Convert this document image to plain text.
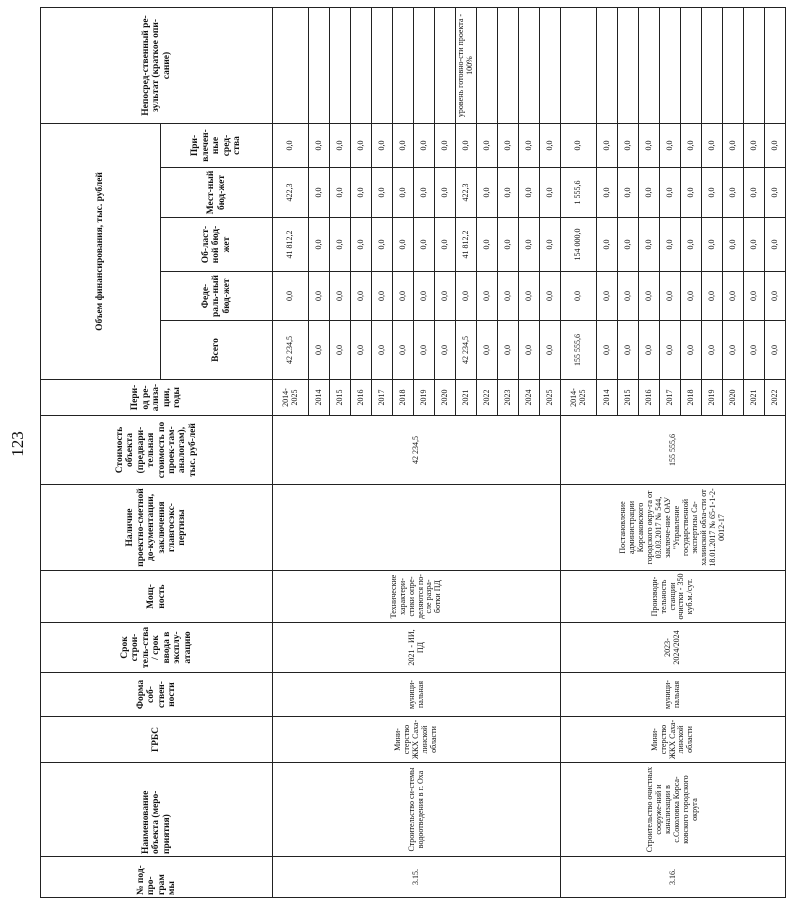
123
№ под-про-грам мы	Наименование объекта (меро-приятия)	ГРБС	Форма соб-ствен-ности	Срок строи-тель-ства / срок ввода в эксплу-атацию	Мощ-ность	Наличие проектно-сметной до-кументации, заключения главгосэкс-пертизы	Стоимость объекта (предвари-тельная стоимость по проек-там-аналогам), тыс. руб-лей	Пери-од ре-ализа-ции, годы	Объем финансирования, тыс. рублей					Непосред-ственный ре-зультат (краткое опи-сание)
									Всего	Феде-раль-ный бюд-жет	Об-ласт-ной бюд-жет	Мест-ный бюд-жет	При-влечен-ные сред-ства	
3.15.	Строительство си-стемы водоотведения в г. Оха	Мини-стерство ЖКХ Саха-линской области	муници-пальная	2021 - ИИ, ПД	Технические характери-стики опре-деляются по-сле разра-ботки ПД		42 234,5	2014-2025	42 234,5	0,0	41 812,2	422,3	0,0	
								2014	0,0	0,0	0,0	0,0	0,0	
								2015	0,0	0,0	0,0	0,0	0,0	
								2016	0,0	0,0	0,0	0,0	0,0	
								2017	0,0	0,0	0,0	0,0	0,0	
								2018	0,0	0,0	0,0	0,0	0,0	
								2019	0,0	0,0	0,0	0,0	0,0	
								2020	0,0	0,0	0,0	0,0	0,0	
								2021	42 234,5	0,0	41 812,2	422,3	0,0	уровень готовно-сти проекта - 100%
								2022	0,0	0,0	0,0	0,0	0,0	
								2023	0,0	0,0	0,0	0,0	0,0	
								2024	0,0	0,0	0,0	0,0	0,0	
								2025	0,0	0,0	0,0	0,0	0,0	
3.16.	Строительство очистных сооруже-ний и канализации в с.Соколовка Корса-ковского городского округа	Мини-стерство ЖКХ Саха-линской области	муници-пальная	2023-2024/2024	Производи-тельность станции очистки - 350 куб.м./сут.	Постановление администрации Корсаковского городского окру-га от 03.03.2017 № 544, заключе-ние ОАУ "Управление государственной экспертизы Са-халинской обла-сти от 18.01.2017 № 65-1-1-2-0012-17	155 555,6	2014-2025	155 555,6	0,0	154 000,0	1 555,6	0,0	
								2014	0,0	0,0	0,0	0,0	0,0	
								2015	0,0	0,0	0,0	0,0	0,0	
								2016	0,0	0,0	0,0	0,0	0,0	
								2017	0,0	0,0	0,0	0,0	0,0	
								2018	0,0	0,0	0,0	0,0	0,0	
								2019	0,0	0,0	0,0	0,0	0,0	
								2020	0,0	0,0	0,0	0,0	0,0	
								2021	0,0	0,0	0,0	0,0	0,0	
								2022	0,0	0,0	0,0	0,0	0,0	
